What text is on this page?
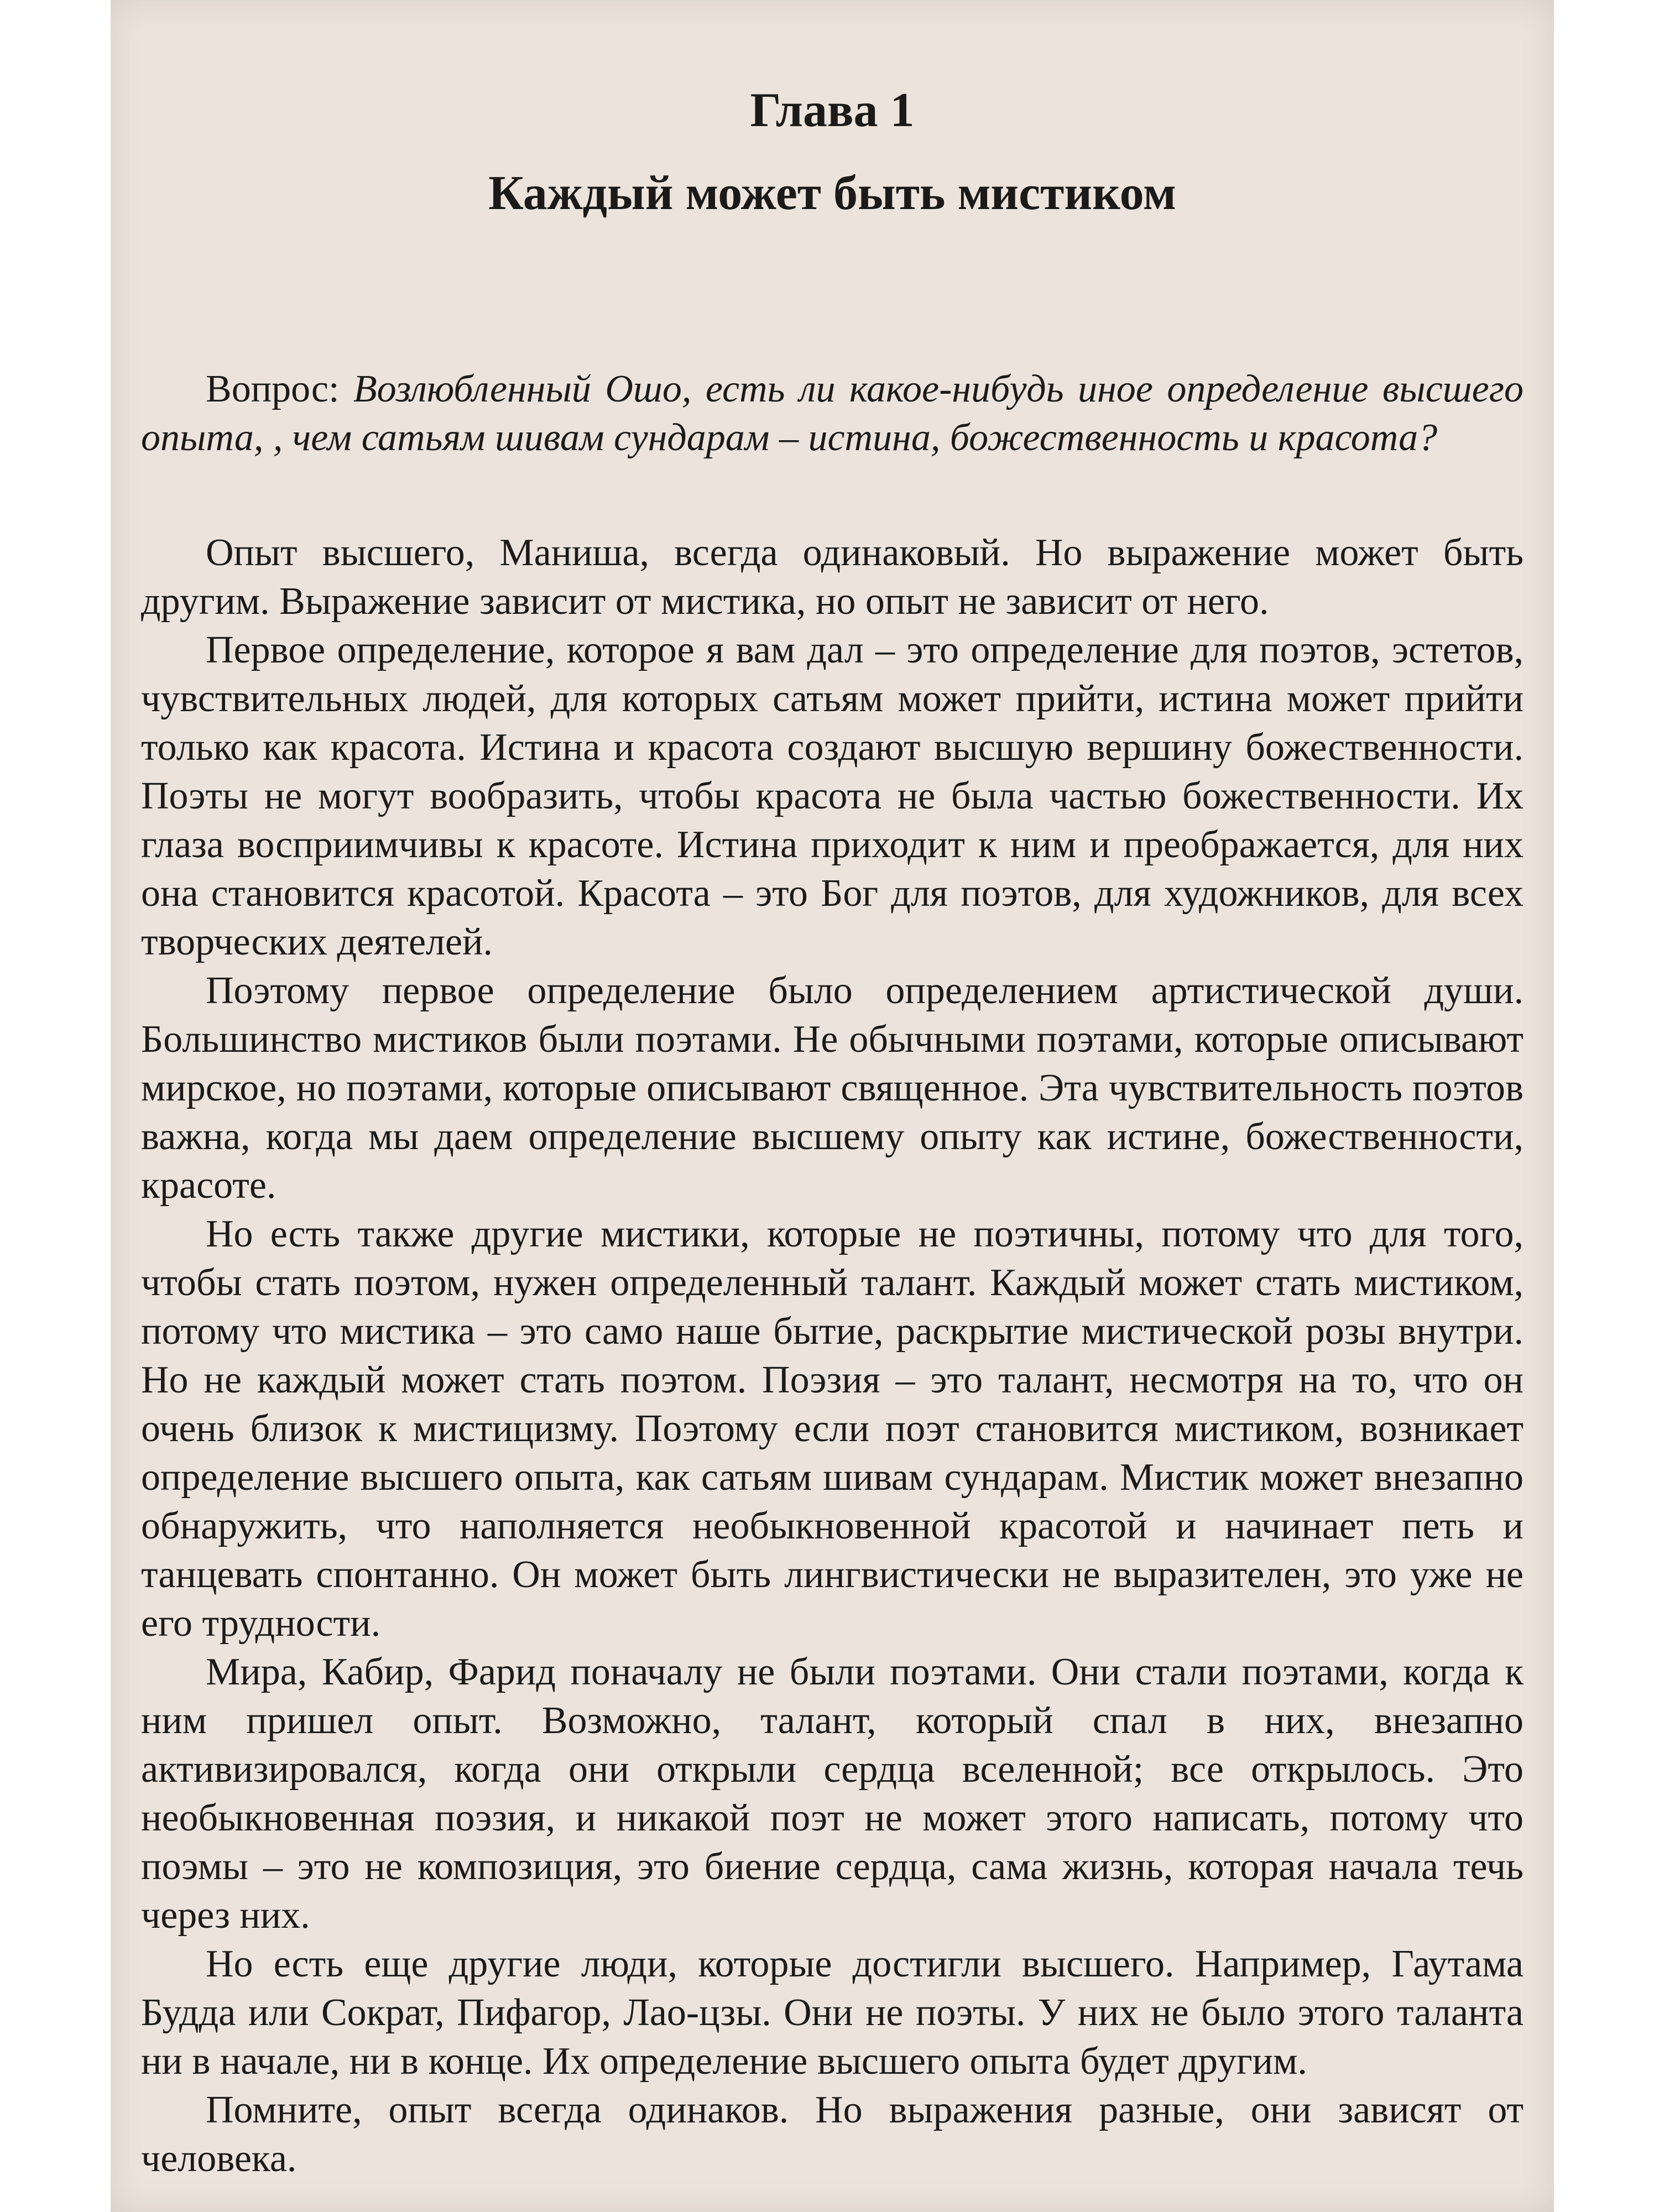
Глава 1
Каждый может быть мистиком

Вопрос: Возлюбленный Ошо, есть ли какое-нибудь иное определение высшего опыта, , чем сатьям шивам сундарам – истина, божественность и красота?

Опыт высшего, Маниша, всегда одинаковый. Но выражение может быть другим. Выражение зависит от мистика, но опыт не зависит от него.

Первое определение, которое я вам дал – это определение для поэтов, эстетов, чувствительных людей, для которых сатьям может прийти, истина может прийти только как красота. Истина и красота создают высшую вершину божественности. Поэты не могут вообразить, чтобы красота не была частью божественности. Их глаза восприимчивы к красоте. Истина приходит к ним и преображается, для них она становится красотой. Красота – это Бог для поэтов, для художников, для всех творческих деятелей.

Поэтому первое определение было определением артистической души. Большинство мистиков были поэтами. Не обычными поэтами, которые описывают мирское, но поэтами, которые описывают священное. Эта чувствительность поэтов важна, когда мы даем определение высшему опыту как истине, божественности, красоте.

Но есть также другие мистики, которые не поэтичны, потому что для того, чтобы стать поэтом, нужен определенный талант. Каждый может стать мистиком, потому что мистика – это само наше бытие, раскрытие мистической розы внутри. Но не каждый может стать поэтом. Поэзия – это талант, несмотря на то, что он очень близок к мистицизму. Поэтому если поэт становится мистиком, возникает определение высшего опыта, как сатьям шивам сундарам. Мистик может внезапно обнаружить, что наполняется необыкновенной красотой и начинает петь и танцевать спонтанно. Он может быть лингвистически не выразителен, это уже не его трудности.

Мира, Кабир, Фарид поначалу не были поэтами. Они стали поэтами, когда к ним пришел опыт. Возможно, талант, который спал в них, внезапно активизировался, когда они открыли сердца вселенной; все открылось. Это необыкновенная поэзия, и никакой поэт не может этого написать, потому что поэмы – это не композиция, это биение сердца, сама жизнь, которая начала течь через них.

Но есть еще другие люди, которые достигли высшего. Например, Гаутама Будда или Сократ, Пифагор, Лао-цзы. Они не поэты. У них не было этого таланта ни в начале, ни в конце. Их определение высшего опыта будет другим.

Помните, опыт всегда одинаков. Но выражения разные, они зависят от человека.
